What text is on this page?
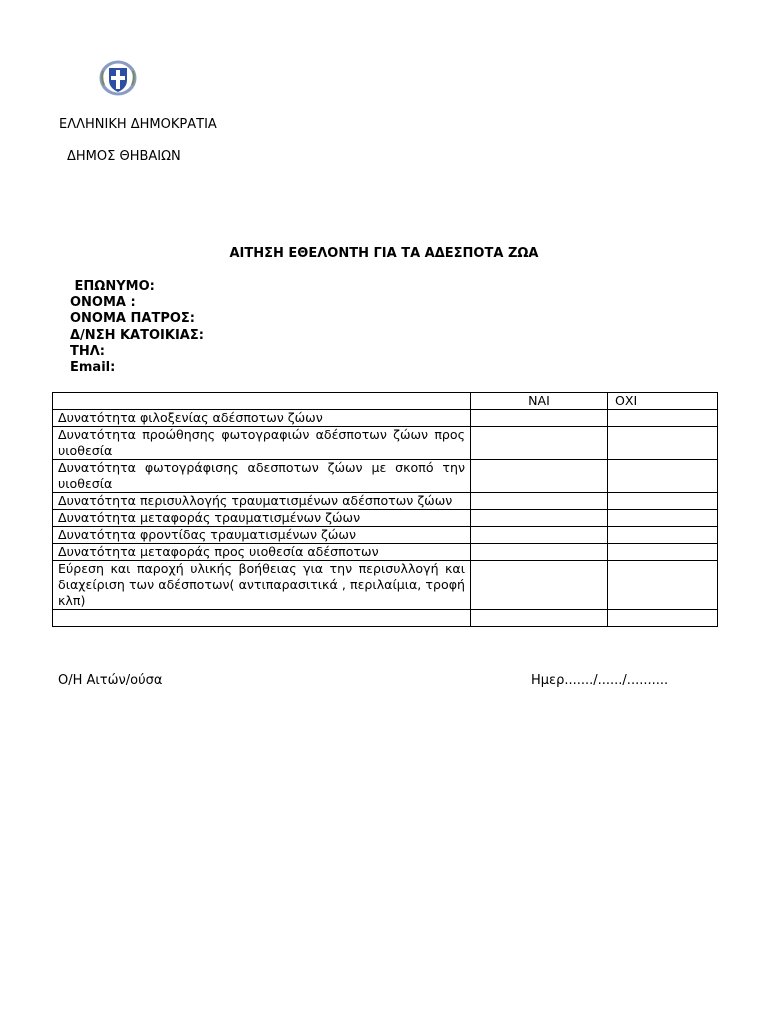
ΕΛΛΗΝΙΚΗ ΔΗΜΟΚΡΑΤΙΑ
ΔΗΜΟΣ ΘΗΒΑΙΩΝ
ΑΙΤΗΣΗ ΕΘΕΛΟΝΤΗ ΓΙΑ ΤΑ ΑΔΕΣΠΟΤΑ ΖΩΑ
ΕΠΩΝΥΜΟ:
ΟΝΟΜΑ :
ΟΝΟΜΑ ΠΑΤΡΟΣ:
Δ/ΝΣΗ ΚΑΤΟΙΚΙΑΣ:
ΤΗΛ:
Email:
	ΝΑΙ	ΟΧΙ
Δυνατότητα φιλοξενίας αδέσποτων ζώων		
Δυνατότητα προώθησης φωτογραφιών αδέσποτων ζώων προς υιοθεσία		
Δυνατότητα φωτογράφισης αδεσποτων ζώων με σκοπό την υιοθεσία		
Δυνατότητα περισυλλογής τραυματισμένων αδέσποτων ζώων		
Δυνατότητα μεταφοράς τραυματισμένων ζώων		
Δυνατότητα φροντίδας τραυματισμένων ζώων		
Δυνατότητα μεταφοράς προς υιοθεσία αδέσποτων		
Εύρεση και παροχή υλικής βοήθειας για την περισυλλογή και διαχείριση των αδέσποτων( αντιπαρασιτικά , περιλαίμια, τροφή κλπ)		

Ο/Η Αιτών/ούσα	Ημερ......./....../..........
